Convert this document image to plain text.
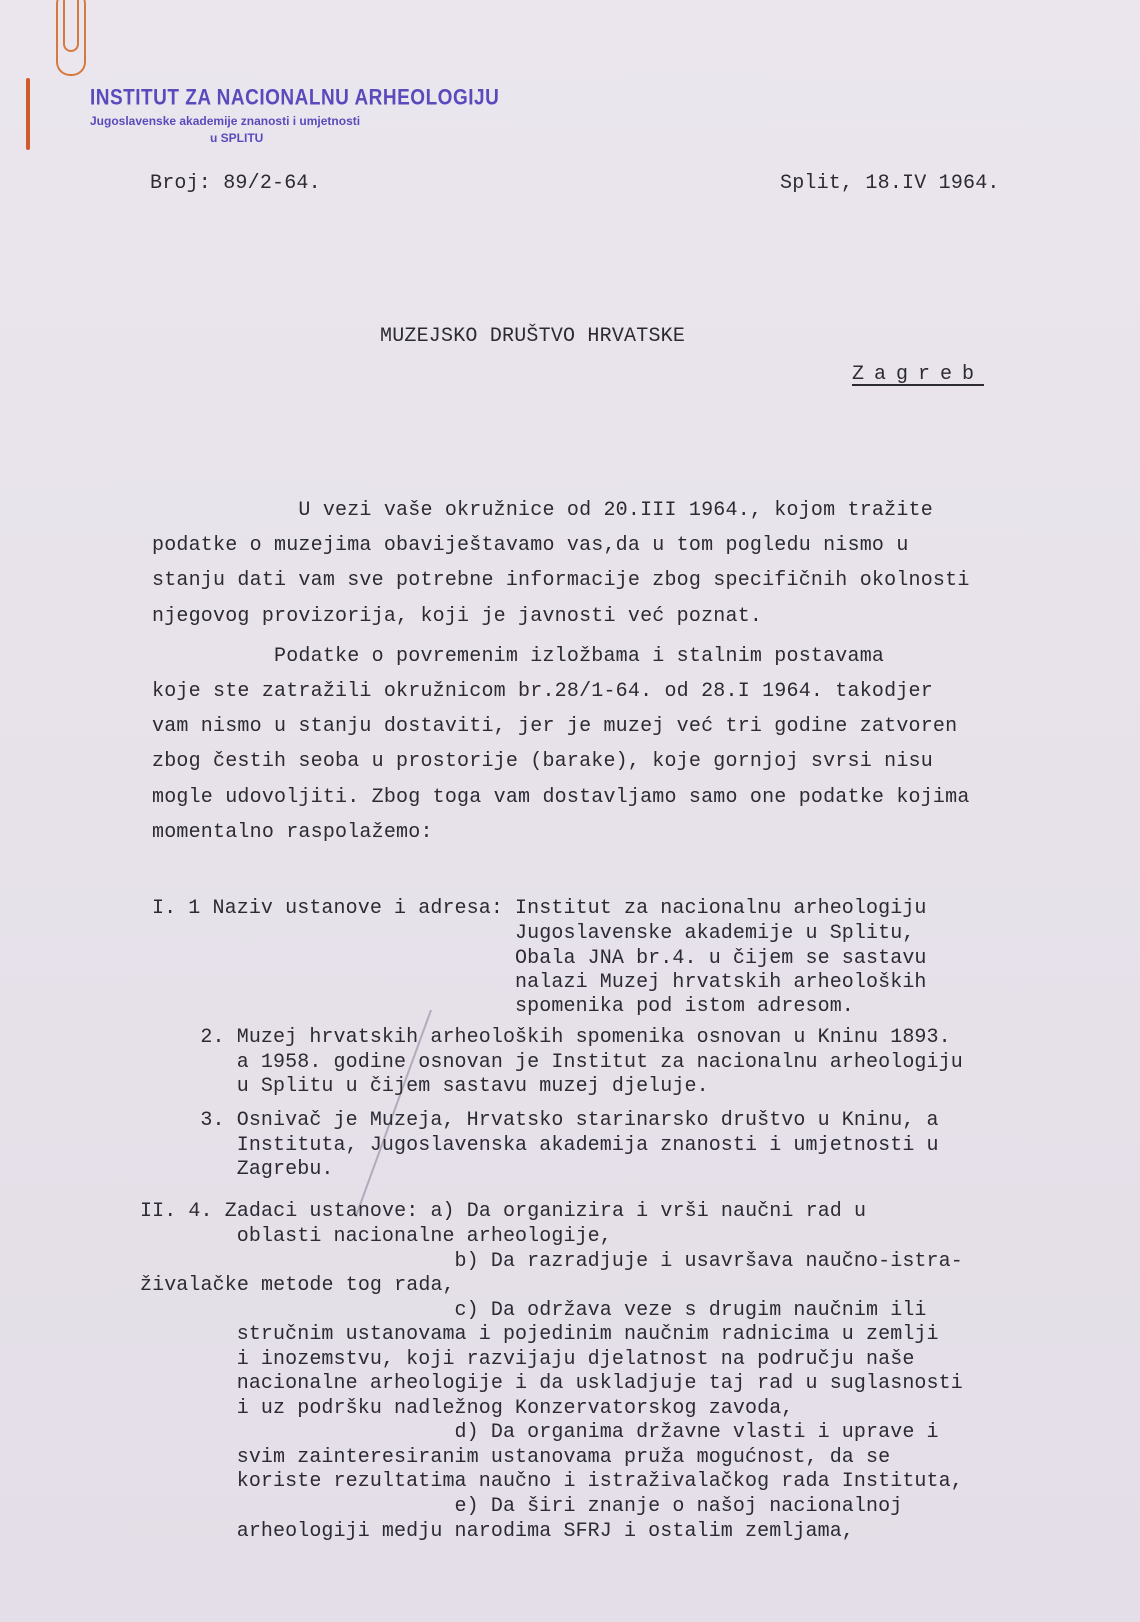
INSTITUT ZA NACIONALNU ARHEOLOGIJU
Jugoslavenske akademije znanosti i umjetnosti
u SPLITU
Broj: 89/2-64.	Split, 18.IV 1964.
MUZEJSKO DRUŠTVO HRVATSKE
Zagreb
U vezi vaše okružnice od 20.III 1964., kojom tražite
podatke o muzejima obaviještavamo vas,da u tom pogledu nismo u
stanju dati vam sve potrebne informacije zbog specifičnih okolnosti
njegovog provizorija, koji je javnosti već poznat.
Podatke o povremenim izložbama i stalnim postavama
koje ste zatražili okružnicom br.28/1-64. od 28.I 1964. takodjer
vam nismo u stanju dostaviti, jer je muzej već tri godine zatvoren
zbog čestih seoba u prostorije (barake), koje gornjoj svrsi nisu
mogle udovoljiti. Zbog toga vam dostavljamo samo one podatke kojima
momentalno raspolažemo:
I. 1 Naziv ustanove i adresa: Institut za nacionalnu arheologiju
Jugoslavenske akademije u Splitu,
Obala JNA br.4. u čijem se sastavu
nalazi Muzej hrvatskih arheoloških
spomenika pod istom adresom.
2. Muzej hrvatskih arheoloških spomenika osnovan u Kninu 1893.
a 1958. godine osnovan je Institut za nacionalnu arheologiju
u Splitu u čijem sastavu muzej djeluje.
3. Osnivač je Muzeja, Hrvatsko starinarsko društvo u Kninu, a
Instituta, Jugoslavenska akademija znanosti i umjetnosti u
Zagrebu.
II. 4. Zadaci ustanove: a) Da organizira i vrši naučni rad u
oblasti nacionalne arheologije,
b) Da razradjuje i usavršava naučno-istra-
živalačke metode tog rada,
c) Da održava veze s drugim naučnim ili
stručnim ustanovama i pojedinim naučnim radnicima u zemlji
i inozemstvu, koji razvijaju djelatnost na području naše
nacionalne arheologije i da uskladjuje taj rad u suglasnosti
i uz podršku nadležnog Konzervatorskog zavoda,
d) Da organima državne vlasti i uprave i
svim zainteresiranim ustanovama pruža mogućnost, da se
koriste rezultatima naučno i istraživalačkog rada Instituta,
e) Da širi znanje o našoj nacionalnoj
arheologiji medju narodima SFRJ i ostalim zemljama,
